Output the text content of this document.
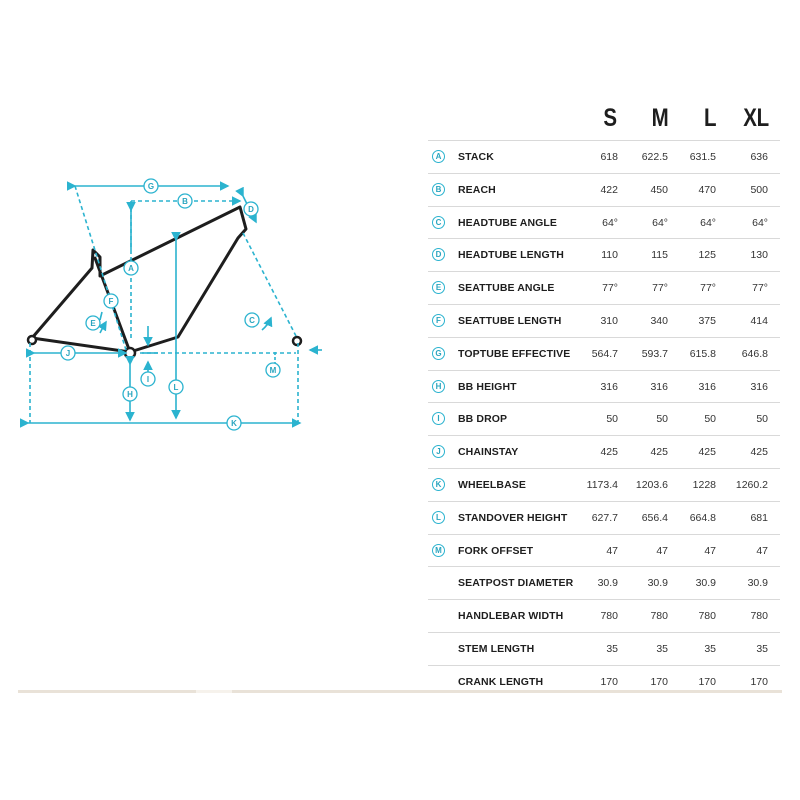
G
B
D
A
F
E	C
J
I
M
H
L
K
S	M	L	XL
A	STACK	618	622.5	631.5	636
B	REACH	422	450	470	500
C	HEADTUBE ANGLE	64°	64°	64°	64°
D	HEADTUBE LENGTH	110	115	125	130
E	SEATTUBE ANGLE	77°	77°	77°	77°
F	SEATTUBE LENGTH	310	340	375	414
G	TOPTUBE EFFECTIVE	564.7	593.7	615.8	646.8
H	BB HEIGHT	316	316	316	316
I	BB DROP	50	50	50	50
J	CHAINSTAY	425	425	425	425
K	WHEELBASE	1173.4	1203.6	1228	1260.2
L	STANDOVER HEIGHT	627.7	656.4	664.8	681
M	FORK OFFSET	47	47	47	47
SEATPOST DIAMETER	30.9	30.9	30.9	30.9
HANDLEBAR WIDTH	780	780	780	780
STEM LENGTH	35	35	35	35
CRANK LENGTH	170	170	170	170
